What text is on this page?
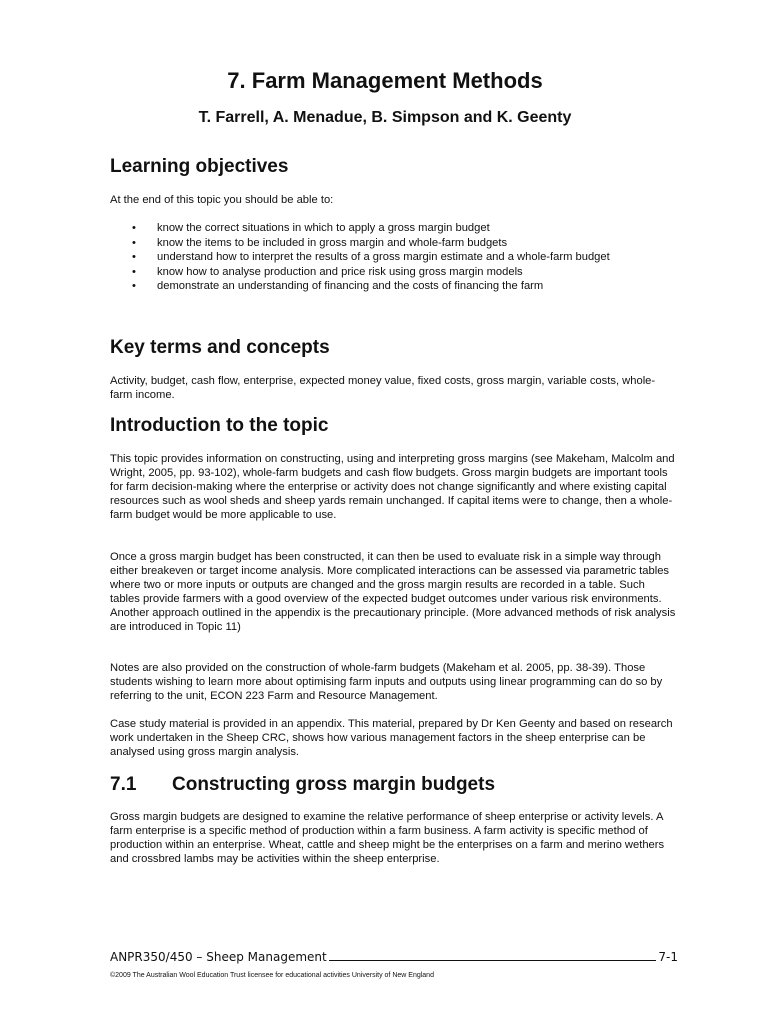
7. Farm Management Methods
T. Farrell, A. Menadue, B. Simpson and K. Geenty
Learning objectives

At the end of this topic you should be able to:

• know the correct situations in which to apply a gross margin budget
• know the items to be included in gross margin and whole-farm budgets
• understand how to interpret the results of a gross margin estimate and a whole-farm budget
• know how to analyse production and price risk using gross margin models
• demonstrate an understanding of financing and the costs of financing the farm
Key terms and concepts

Activity, budget, cash flow, enterprise, expected money value, fixed costs, gross margin, variable costs, whole-farm income.

Introduction to the topic

This topic provides information on constructing, using and interpreting gross margins (see Makeham, Malcolm and Wright, 2005, pp. 93-102), whole-farm budgets and cash flow budgets. Gross margin budgets are important tools for farm decision-making where the enterprise or activity does not change significantly and where existing capital resources such as wool sheds and sheep yards remain unchanged. If capital items were to change, then a whole-farm budget would be more applicable to use.

Once a gross margin budget has been constructed, it can then be used to evaluate risk in a simple way through either breakeven or target income analysis. More complicated interactions can be assessed via parametric tables where two or more inputs or outputs are changed and the gross margin results are recorded in a table. Such tables provide farmers with a good overview of the expected budget outcomes under various risk environments. Another approach outlined in the appendix is the precautionary principle. (More advanced methods of risk analysis are introduced in Topic 11)

Notes are also provided on the construction of whole-farm budgets (Makeham et al. 2005, pp. 38-39). Those students wishing to learn more about optimising farm inputs and outputs using linear programming can do so by referring to the unit, ECON 223 Farm and Resource Management.

Case study material is provided in an appendix. This material, prepared by Dr Ken Geenty and based on research work undertaken in the Sheep CRC, shows how various management factors in the sheep enterprise can be analysed using gross margin analysis.

7.1 Constructing gross margin budgets

Gross margin budgets are designed to examine the relative performance of sheep enterprise or activity levels. A farm enterprise is a specific method of production within a farm business. A farm activity is specific method of production within an enterprise. Wheat, cattle and sheep might be the enterprises on a farm and merino wethers and crossbred lambs may be activities within the sheep enterprise.

ANPR350/450 – Sheep Management	7-1
©2009 The Australian Wool Education Trust licensee for educational activities University of New England
